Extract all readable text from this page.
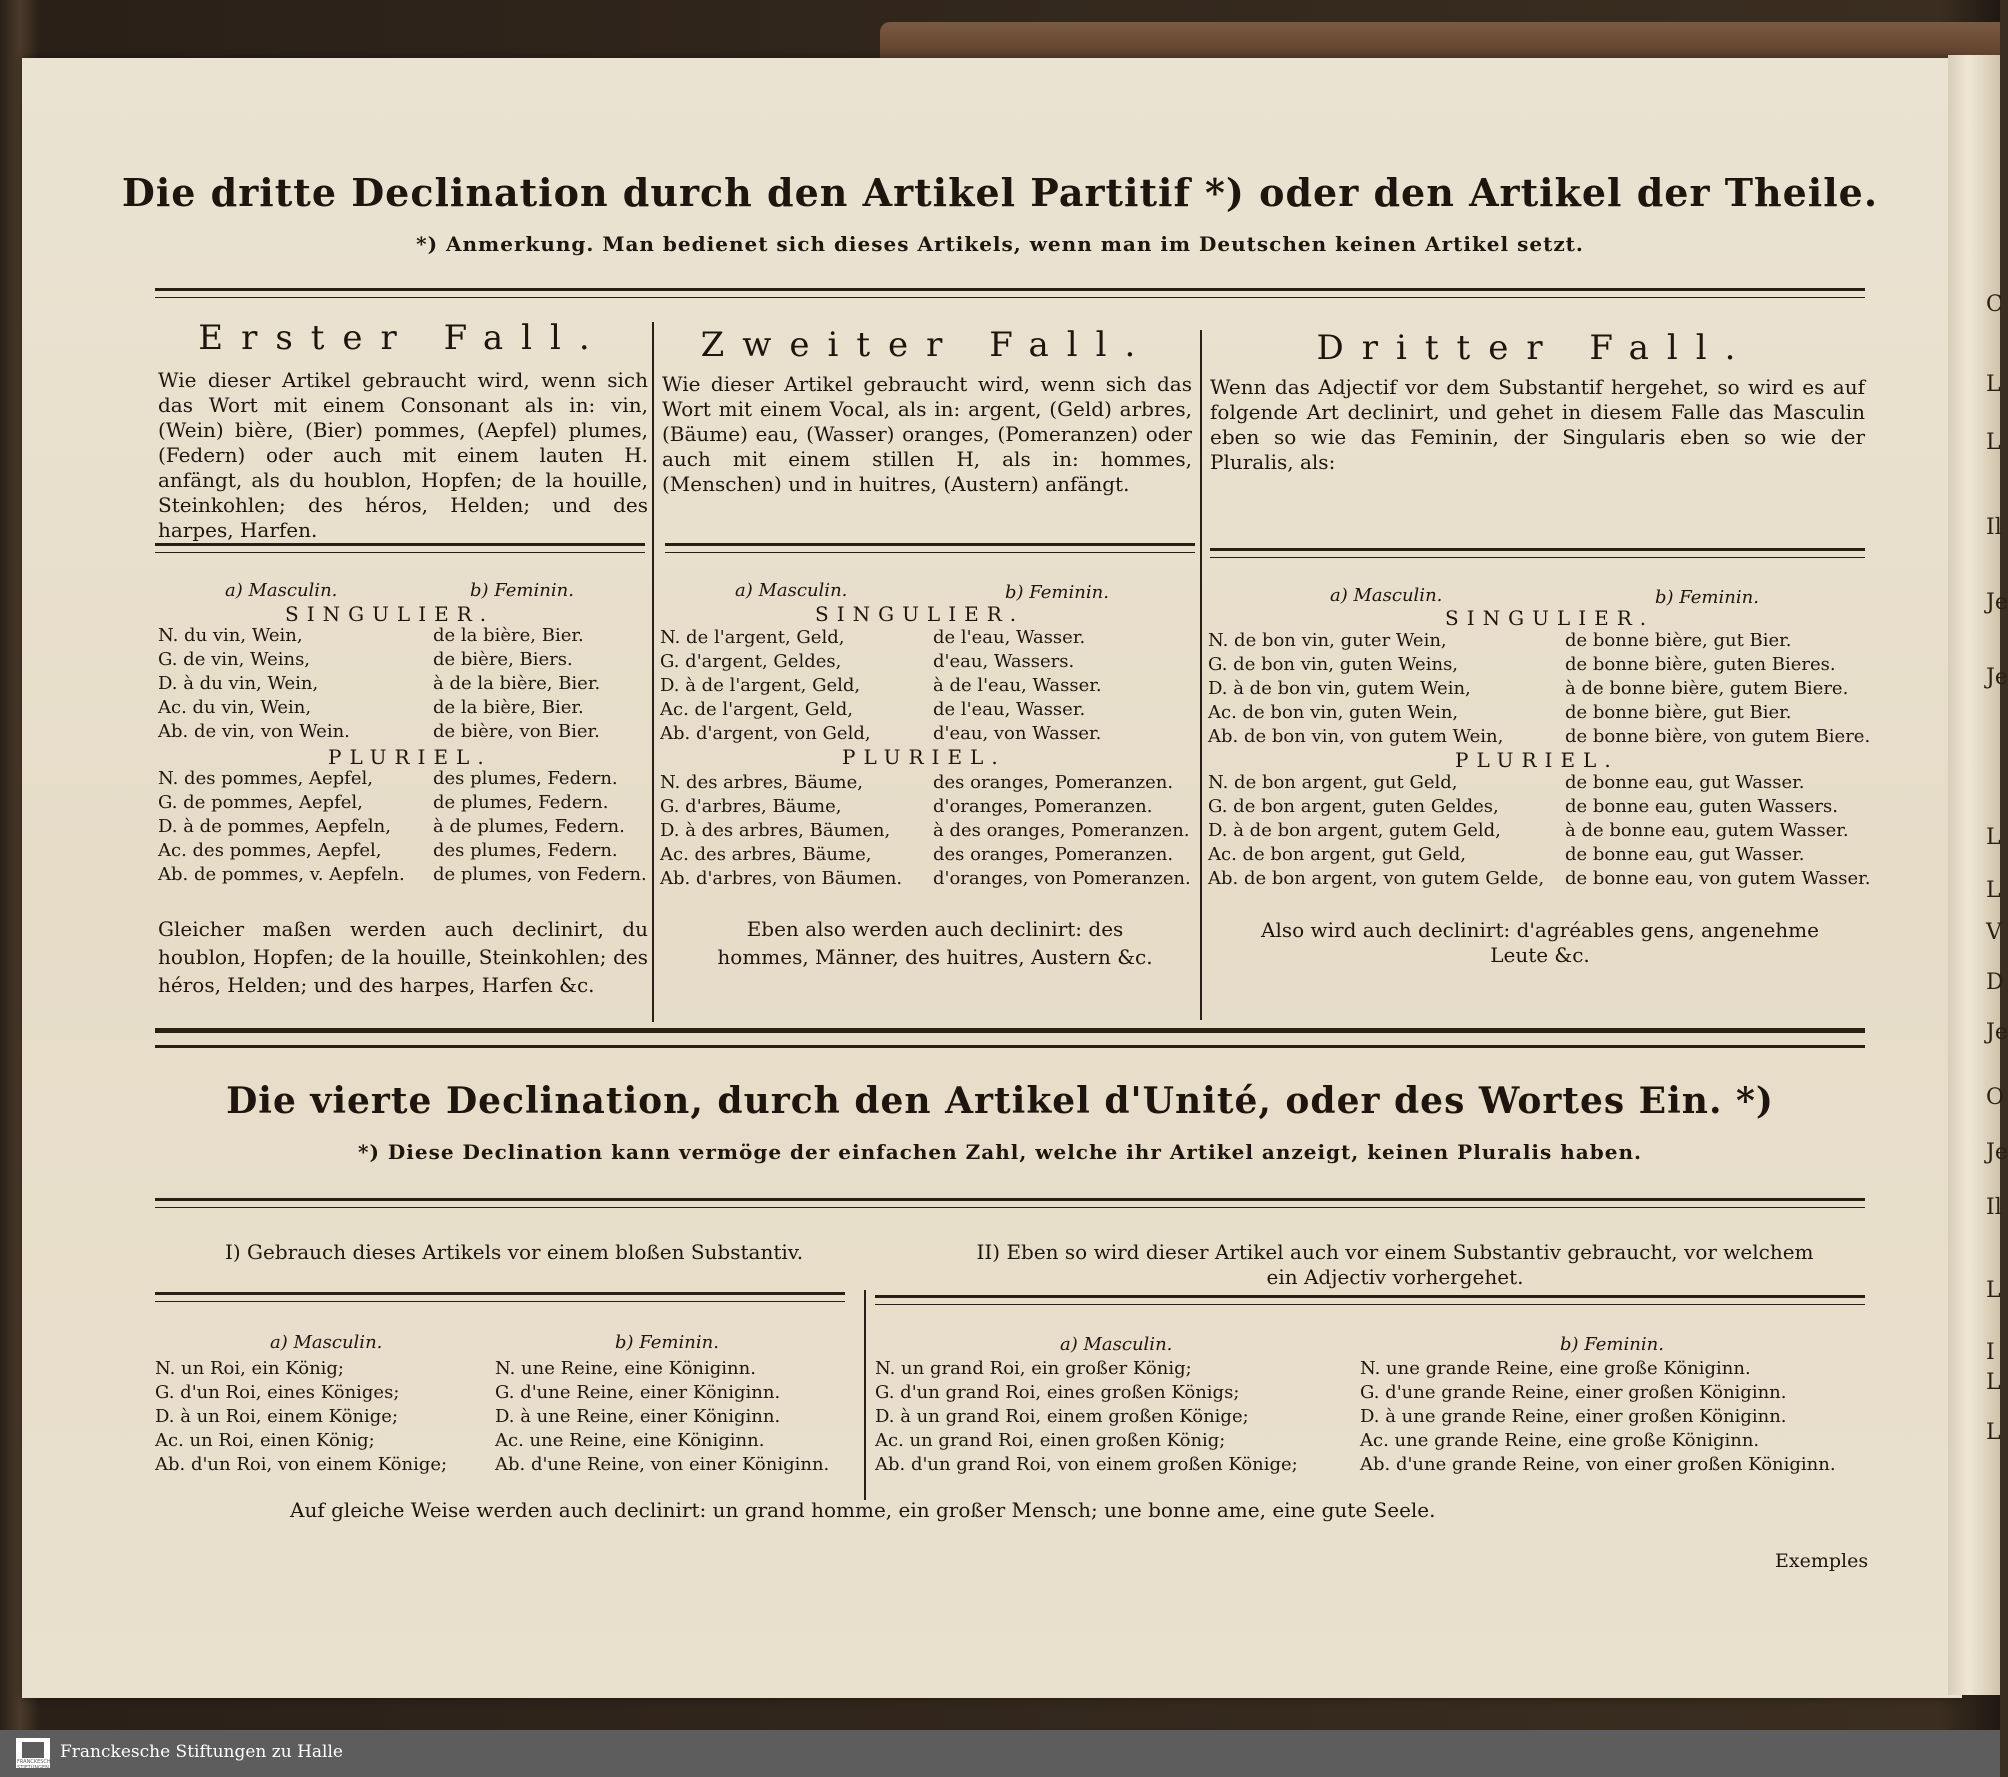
C
L
L
Il
Je
Je
L
L
V
D
Je
O
Je
Il
L
I
L
L
Die dritte Declination durch den Artikel Partitif *) oder den Artikel der Theile.
*) Anmerkung. Man bedienet sich dieses Artikels, wenn man im Deutschen keinen Artikel setzt.
Erster Fall.
Wie dieser Artikel gebraucht wird, wenn sich das Wort mit einem Consonant als in: vin, (Wein) bière, (Bier) pommes, (Aepfel) plumes, (Federn) oder auch mit einem lauten H. anfängt, als du houblon, Hopfen; de la houille, Steinkohlen; des héros, Helden; und des harpes, Harfen.
a) Masculin.	b) Feminin.
SINGULIER.
N. du vin, Wein,	de la bière, Bier.
G. de vin, Weins,	de bière, Biers.
D. à du vin, Wein,	à de la bière, Bier.
Ac. du vin, Wein,	de la bière, Bier.
Ab. de vin, von Wein.	de bière, von Bier.
PLURIEL.
N. des pommes, Aepfel,	des plumes, Federn.
G. de pommes, Aepfel,	de plumes, Federn.
D. à de pommes, Aepfeln, à de plumes, Federn.
Ac. des pommes, Aepfel,	des plumes, Federn.
Ab. de pommes, v. Aepfeln. de plumes, von Federn.
Gleicher maßen werden auch declinirt, du houblon, Hopfen; de la houille, Steinkohlen; des héros, Helden; und des harpes, Harfen &c.
Zweiter Fall.
Wie dieser Artikel gebraucht wird, wenn sich das Wort mit einem Vocal, als in: argent, (Geld) arbres, (Bäume) eau, (Wasser) oranges, (Pomeranzen) oder auch mit einem stillen H, als in: hommes, (Menschen) und in huitres, (Austern) anfängt.
a) Masculin.	b) Feminin.
SINGULIER.
N. de l'argent, Geld,	de l'eau, Wasser.
G. d'argent, Geldes,	d'eau, Wassers.
D. à de l'argent, Geld,	à de l'eau, Wasser.
Ac. de l'argent, Geld,	de l'eau, Wasser.
Ab. d'argent, von Geld,	d'eau, von Wasser.
PLURIEL.
N. des arbres, Bäume,	des oranges, Pomeranzen.
G. d'arbres, Bäume,	d'oranges, Pomeranzen.
D. à des arbres, Bäumen, à des oranges, Pomeranzen.
Ac. des arbres, Bäume,	des oranges, Pomeranzen.
Ab. d'arbres, von Bäumen. d'oranges, von Pomeranzen.
Eben also werden auch declinirt: des hommes, Männer, des huitres, Austern &c.
Dritter Fall.
Wenn das Adjectif vor dem Substantif hergehet, so wird es auf folgende Art declinirt, und gehet in diesem Falle das Masculin eben so wie das Feminin, der Singularis eben so wie der Pluralis, als:
a) Masculin.	b) Feminin.
SINGULIER.
N. de bon vin, guter Wein,	de bonne bière, gut Bier.
G. de bon vin, guten Weins,	de bonne bière, guten Bieres.
D. à de bon vin, gutem Wein,	à de bonne bière, gutem Biere.
Ac. de bon vin, guten Wein,	de bonne bière, gut Bier.
Ab. de bon vin, von gutem Wein,	de bonne bière, von gutem Biere.
PLURIEL.
N. de bon argent, gut Geld,	de bonne eau, gut Wasser.
G. de bon argent, guten Geldes,	de bonne eau, guten Wassers.
D. à de bon argent, gutem Geld,	à de bonne eau, gutem Wasser.
Ac. de bon argent, gut Geld,	de bonne eau, gut Wasser.
Ab. de bon argent, von gutem Gelde, de bonne eau, von gutem Wasser.
Also wird auch declinirt: d'agréables gens, angenehme Leute &c.
Die vierte Declination, durch den Artikel d'Unité, oder des Wortes Ein. *)
*) Diese Declination kann vermöge der einfachen Zahl, welche ihr Artikel anzeigt, keinen Pluralis haben.
I) Gebrauch dieses Artikels vor einem bloßen Substantiv.	II) Eben so wird dieser Artikel auch vor einem Substantiv gebraucht, vor welchem ein Adjectiv vorhergehet.
a) Masculin.	b) Feminin.
N. un Roi, ein König;	N. une Reine, eine Königinn.
G. d'un Roi, eines Königes;	G. d'une Reine, einer Königinn.
D. à un Roi, einem Könige;	D. à une Reine, einer Königinn.
Ac. un Roi, einen König;	Ac. une Reine, eine Königinn.
Ab. d'un Roi, von einem Könige;	Ab. d'une Reine, von einer Königinn.
a) Masculin.	b) Feminin.
N. un grand Roi, ein großer König;	N. une grande Reine, eine große Königinn.
G. d'un grand Roi, eines großen Königs;	G. d'une grande Reine, einer großen Königinn.
D. à un grand Roi, einem großen Könige;	D. à une grande Reine, einer großen Königinn.
Ac. un grand Roi, einen großen König;	Ac. une grande Reine, eine große Königinn.
Ab. d'un grand Roi, von einem großen Könige;	Ab. d'une grande Reine, von einer großen Königinn.
Auf gleiche Weise werden auch declinirt: un grand homme, ein großer Mensch; une bonne ame, eine gute Seele.
Exemples
FRANCKESCHE STIFTUNGEN
Franckesche Stiftungen zu Halle
